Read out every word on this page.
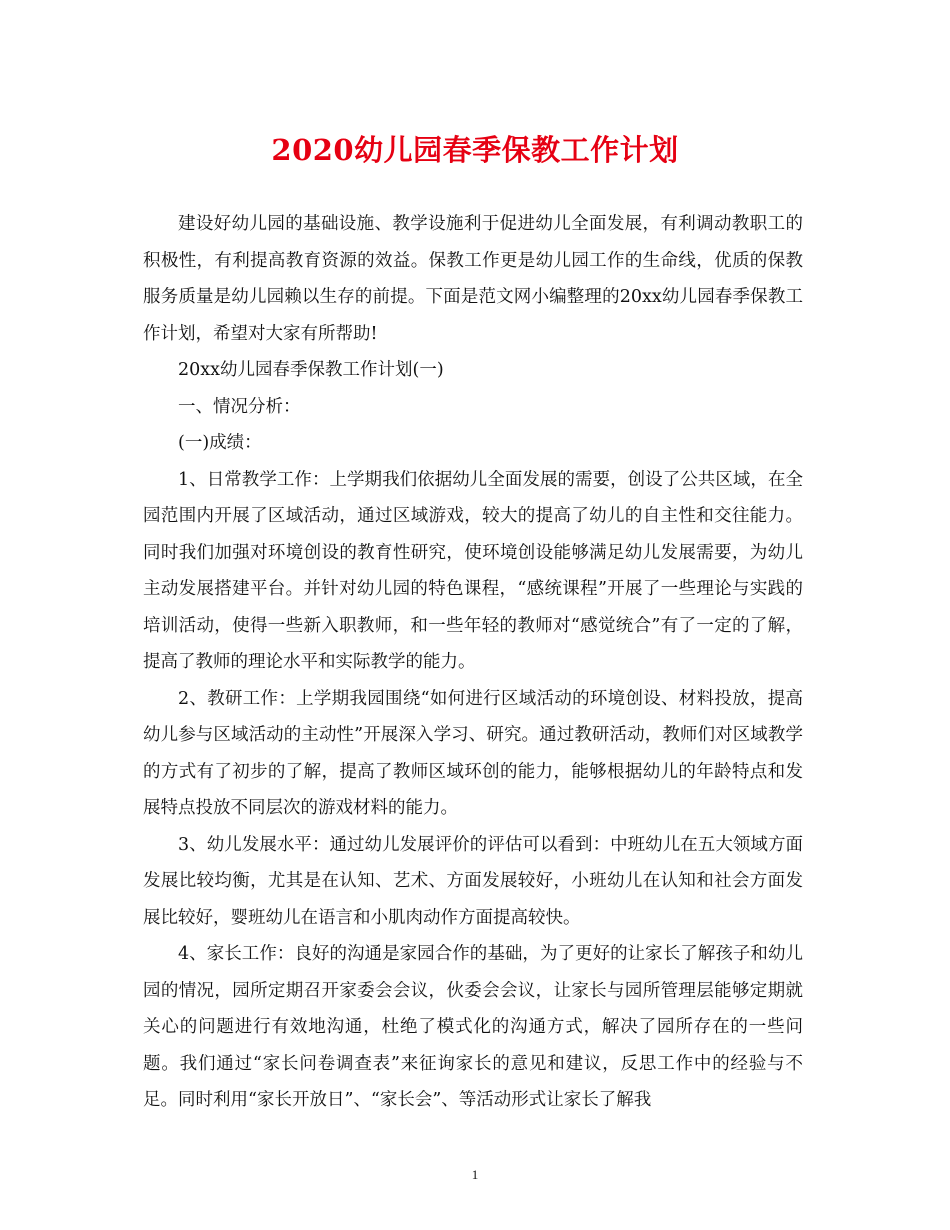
2020幼儿园春季保教工作计划

建设好幼儿园的基础设施、教学设施利于促进幼儿全面发展，有利调动教职工的积极性，有利提高教育资源的效益。保教工作更是幼儿园工作的生命线，优质的保教服务质量是幼儿园赖以生存的前提。下面是范文网小编整理的20xx幼儿园春季保教工作计划，希望对大家有所帮助!

20xx幼儿园春季保教工作计划(一)

一、情况分析：

(一)成绩：

1、日常教学工作：上学期我们依据幼儿全面发展的需要，创设了公共区域，在全园范围内开展了区域活动，通过区域游戏，较大的提高了幼儿的自主性和交往能力。同时我们加强对环境创设的教育性研究，使环境创设能够满足幼儿发展需要，为幼儿主动发展搭建平台。并针对幼儿园的特色课程，“感统课程”开展了一些理论与实践的培训活动，使得一些新入职教师，和一些年轻的教师对“感觉统合”有了一定的了解，提高了教师的理论水平和实际教学的能力。

2、教研工作：上学期我园围绕“如何进行区域活动的环境创设、材料投放，提高幼儿参与区域活动的主动性”开展深入学习、研究。通过教研活动，教师们对区域教学的方式有了初步的了解，提高了教师区域环创的能力，能够根据幼儿的年龄特点和发展特点投放不同层次的游戏材料的能力。

3、幼儿发展水平：通过幼儿发展评价的评估可以看到：中班幼儿在五大领域方面发展比较均衡，尤其是在认知、艺术、方面发展较好，小班幼儿在认知和社会方面发展比较好，婴班幼儿在语言和小肌肉动作方面提高较快。

4、家长工作：良好的沟通是家园合作的基础，为了更好的让家长了解孩子和幼儿园的情况，园所定期召开家委会会议，伙委会会议，让家长与园所管理层能够定期就关心的问题进行有效地沟通，杜绝了模式化的沟通方式，解决了园所存在的一些问题。我们通过“家长问卷调查表”来征询家长的意见和建议，反思工作中的经验与不足。同时利用“家长开放日”、“家长会”、等活动形式让家长了解我

1
